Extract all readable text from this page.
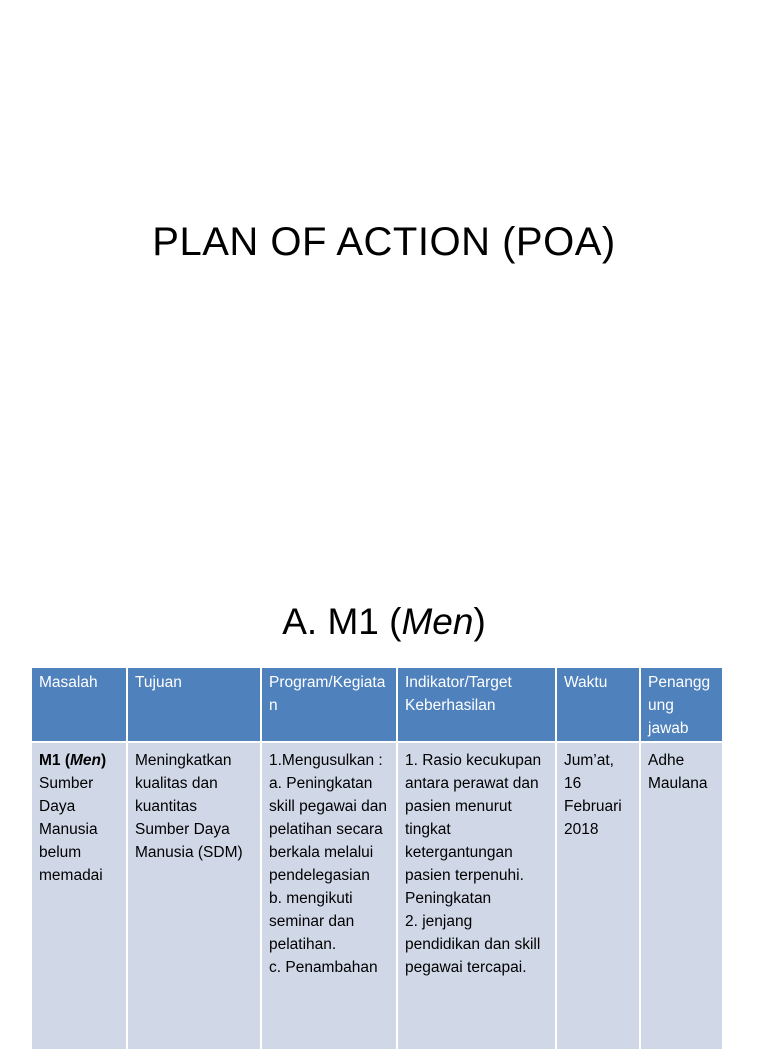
PLAN OF ACTION (POA)
A. M1 (Men)
Masalah	Tujuan	Program/Kegiatan	Indikator/Target Keberhasilan	Waktu	Penanggung jawab
M1 (Men) Sumber Daya Manusia belum memadai	Meningkatkan kualitas dan kuantitas Sumber Daya Manusia (SDM)	1.Mengusulkan :
a. Peningkatan skill pegawai dan pelatihan secara berkala melalui pendelegasian
b. mengikuti seminar dan pelatihan.
c. Penambahan	1. Rasio kecukupan antara perawat dan pasien menurut tingkat ketergantungan pasien terpenuhi. Peningkatan
2. jenjang pendidikan dan skill pegawai tercapai.	Jum’at, 16 Februari 2018	Adhe Maulana
